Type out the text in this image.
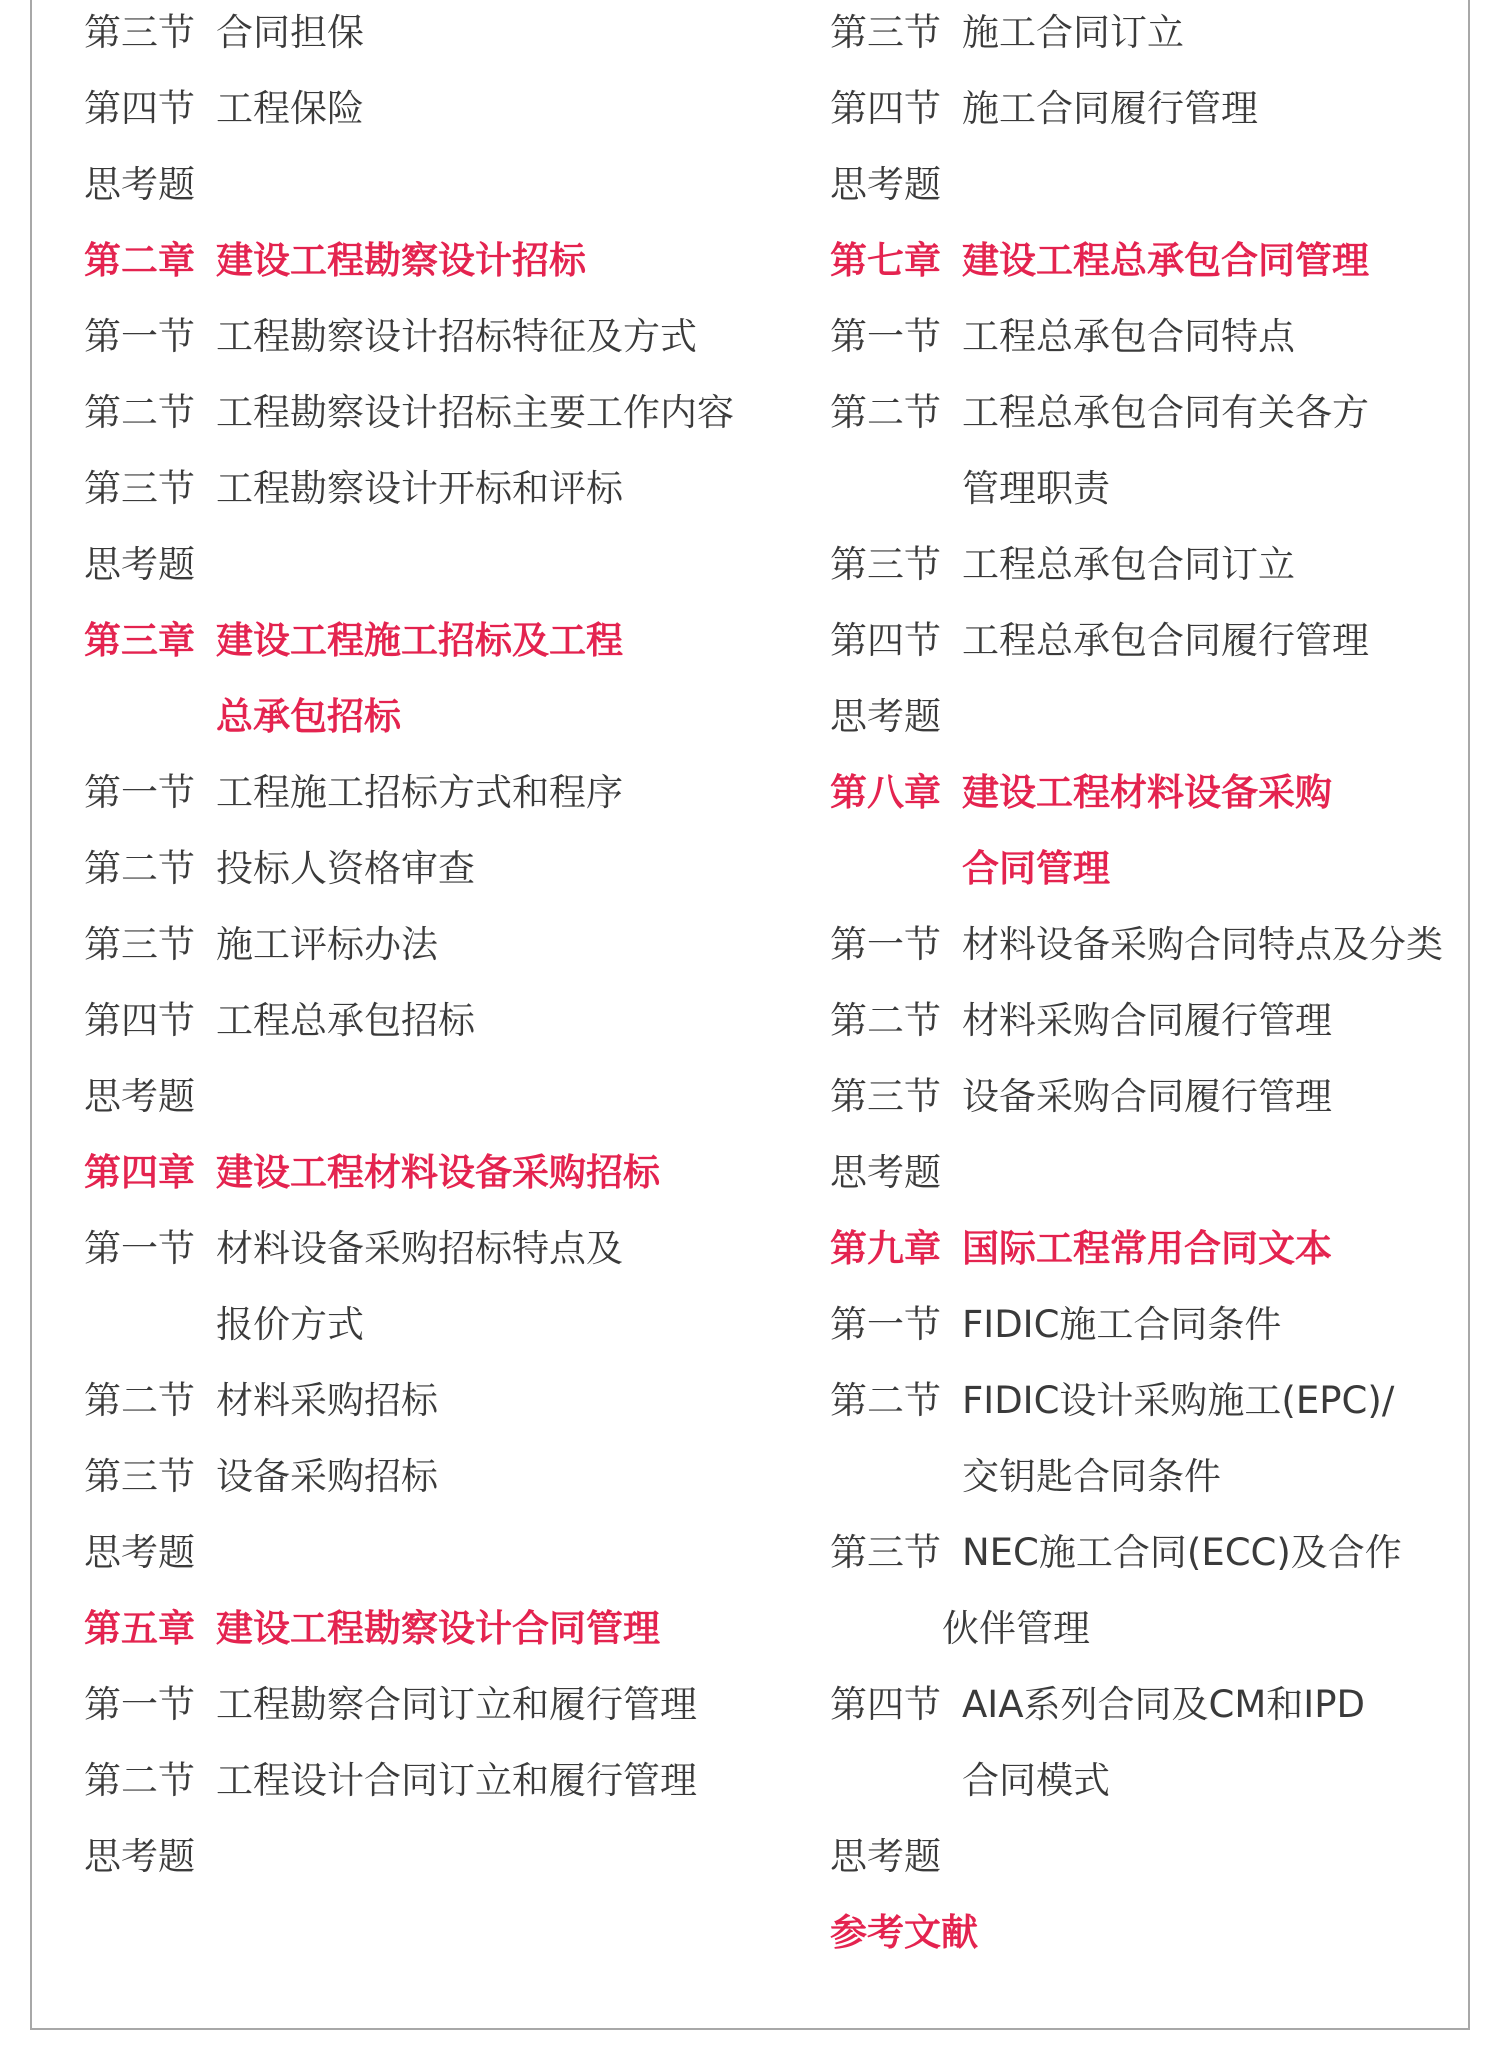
第三节 合同担保
第四节 工程保险
思考题
第二章 建设工程勘察设计招标
第一节 工程勘察设计招标特征及方式
第二节 工程勘察设计招标主要工作内容
第三节 工程勘察设计开标和评标
思考题
第三章 建设工程施工招标及工程
总承包招标
第一节 工程施工招标方式和程序
第二节 投标人资格审查
第三节 施工评标办法
第四节 工程总承包招标
思考题
第四章 建设工程材料设备采购招标
第一节 材料设备采购招标特点及
报价方式
第二节 材料采购招标
第三节 设备采购招标
思考题
第五章 建设工程勘察设计合同管理
第一节 工程勘察合同订立和履行管理
第二节 工程设计合同订立和履行管理
思考题
第三节 施工合同订立
第四节 施工合同履行管理
思考题
第七章 建设工程总承包合同管理
第一节 工程总承包合同特点
第二节 工程总承包合同有关各方
管理职责
第三节 工程总承包合同订立
第四节 工程总承包合同履行管理
思考题
第八章 建设工程材料设备采购
合同管理
第一节 材料设备采购合同特点及分类
第二节 材料采购合同履行管理
第三节 设备采购合同履行管理
思考题
第九章 国际工程常用合同文本
第一节 FIDIC施工合同条件
第二节 FIDIC设计采购施工(EPC)/
交钥匙合同条件
第三节 NEC施工合同(ECC)及合作
伙伴管理
第四节 AIA系列合同及CM和IPD
合同模式
思考题
参考文献
